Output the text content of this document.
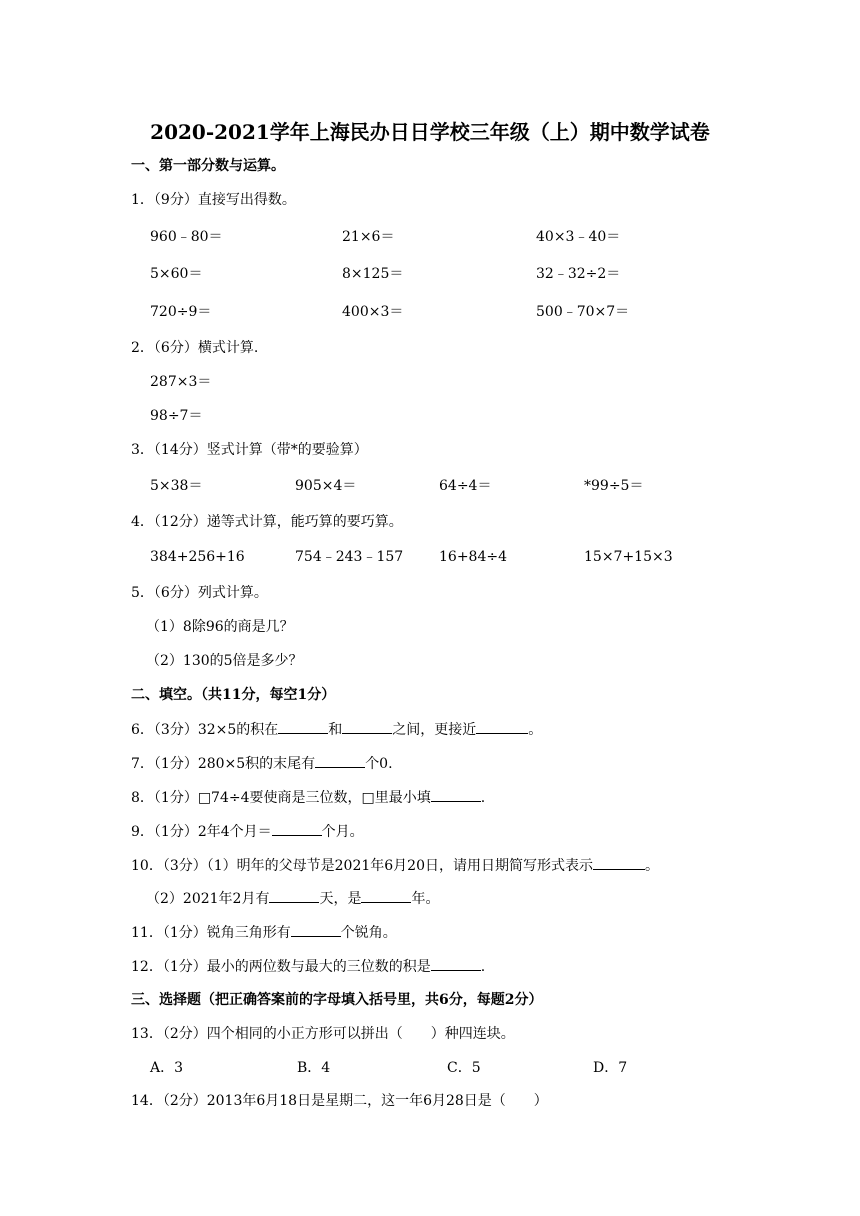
2020-2021学年上海民办日日学校三年级（上）期中数学试卷
一、第一部分数与运算。
1．（9分）直接写出得数。
960﹣80＝	21×6＝	40×3﹣40＝
5×60＝	8×125＝	32﹣32÷2＝
720÷9＝	400×3＝	500﹣70×7＝
2．（6分）横式计算.
287×3＝
98÷7＝
3．（14分）竖式计算（带*的要验算）
5×38＝	905×4＝	64÷4＝	*99÷5＝
4．（12分）递等式计算，能巧算的要巧算。
384+256+16	754﹣243﹣157	16+84÷4	15×7+15×3
5．（6分）列式计算。
（1）8除96的商是几？
（2）130的5倍是多少？
二、填空。（共11分，每空1分）
6．（3分）32×5的积在	和	之间，更接近	。
7．（1分）280×5积的末尾有	个0.
8．（1分）□74÷4要使商是三位数，□里最小填	.
9．（1分）2年4个月＝	个月。
10．（3分）（1）明年的父母节是2021年6月20日，请用日期简写形式表示	。
（2）2021年2月有	天，是	年。
11．（1分）锐角三角形有	个锐角。
12．（1分）最小的两位数与最大的三位数的积是	.
三、选择题（把正确答案前的字母填入括号里，共6分，每题2分）
13．（2分）四个相同的小正方形可以拼出（　　）种四连块。
A．3	B．4	C．5	D．7
14．（2分）2013年6月18日是星期二，这一年6月28日是（　　）
